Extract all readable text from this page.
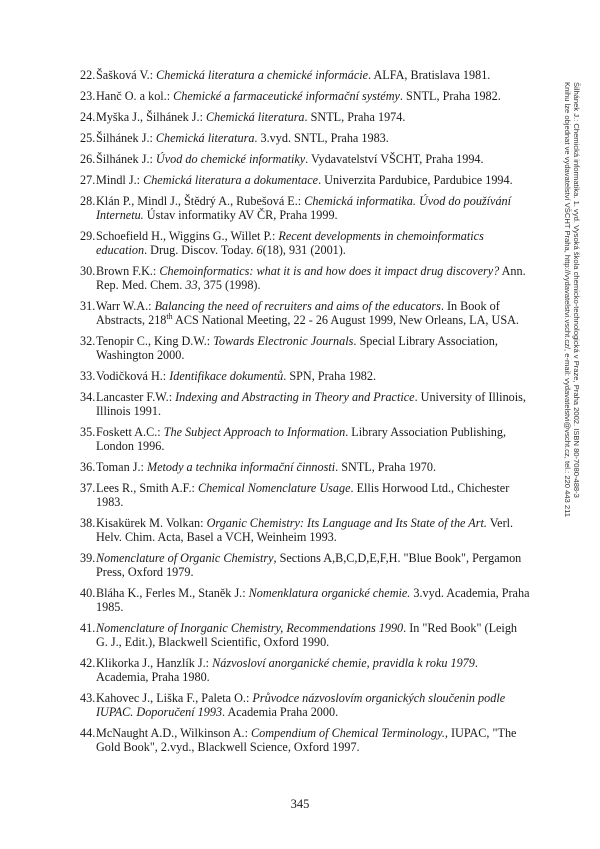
22. Šašková V.: Chemická literatura a chemické informácie. ALFA, Bratislava 1981.
23. Hanč O. a kol.: Chemické a farmaceutické informační systémy. SNTL, Praha 1982.
24. Myška J., Šilhánek J.: Chemická literatura. SNTL, Praha 1974.
25. Šilhánek J.: Chemická literatura. 3.vyd. SNTL, Praha 1983.
26. Šilhánek J.: Úvod do chemické informatiky. Vydavatelství VŠCHT, Praha 1994.
27. Mindl J.: Chemická literatura a dokumentace. Univerzita Pardubice, Pardubice 1994.
28. Klán P., Mindl J., Štědrý A., Rubešová E.: Chemická informatika. Úvod do používání Internetu. Ústav informatiky AV ČR, Praha 1999.
29. Schoefield H., Wiggins G., Willet P.: Recent developments in chemoinformatics education. Drug. Discov. Today. 6(18), 931 (2001).
30. Brown F.K.: Chemoinformatics: what it is and how does it impact drug discovery? Ann. Rep. Med. Chem. 33, 375 (1998).
31. Warr W.A.: Balancing the need of recruiters and aims of the educators. In Book of Abstracts, 218th ACS National Meeting, 22 - 26 August 1999, New Orleans, LA, USA.
32. Tenopir C., King D.W.: Towards Electronic Journals. Special Library Association, Washington 2000.
33. Vodičková H.: Identifikace dokumentů. SPN, Praha 1982.
34. Lancaster F.W.: Indexing and Abstracting in Theory and Practice. University of Illinois, Illinois 1991.
35. Foskett A.C.: The Subject Approach to Information. Library Association Publishing, London 1996.
36. Toman J.: Metody a technika informační činnosti. SNTL, Praha 1970.
37. Lees R., Smith A.F.: Chemical Nomenclature Usage. Ellis Horwood Ltd., Chichester 1983.
38. Kisakürek M. Volkan: Organic Chemistry: Its Language and Its State of the Art. Verl. Helv. Chim. Acta, Basel a VCH, Weinheim 1993.
39. Nomenclature of Organic Chemistry, Sections A,B,C,D,E,F,H. "Blue Book", Pergamon Press, Oxford 1979.
40. Bláha K., Ferles M., Staněk J.: Nomenklatura organické chemie. 3.vyd. Academia, Praha 1985.
41. Nomenclature of Inorganic Chemistry, Recommendations 1990. In "Red Book" (Leigh G. J., Edit.), Blackwell Scientific, Oxford 1990.
42. Klikorka J., Hanzlík J.: Názvosloví anorganické chemie, pravidla k roku 1979. Academia, Praha 1980.
43. Kahovec J., Liška F., Paleta O.: Průvodce názvoslovím organických sloučenin podle IUPAC. Doporučení 1993. Academia Praha 2000.
44. McNaught A.D., Wilkinson A.: Compendium of Chemical Terminology., IUPAC, "The Gold Book", 2.vyd., Blackwell Science, Oxford 1997.
345
Šilhánek J.: Chemická informatika. 1. vyd. Vysoká škola chemicko-technologická v Praze, Praha 2002. ISBN 80-7080-488-3
Knihu lze objednat ve vydavatelství VŠCHT Praha, http://vydavatelstvi.vscht.cz/, e-mail: vydavatelstvi@vscht.cz, tel.: 220 443 211
